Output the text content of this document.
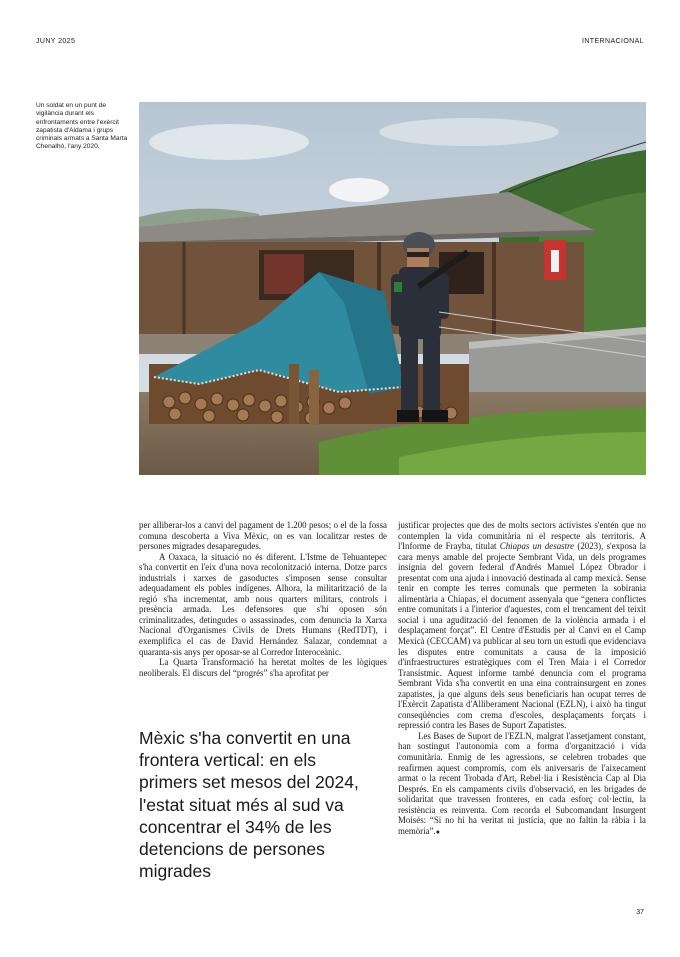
JUNY 2025	INTERNACIONAL
Un soldat en un punt de vigilància durant els enfrontaments entre l'exèrcit zapatista d'Aldama i grups criminals armats a Santa Marta Chenalhó, l'any 2020.

per alliberar-los a canvi del pagament de 1.200 pesos; o el de la fossa comuna descoberta a Viva Mèxic, on es van localitzar restes de persones migrades desaparegudes.

A Oaxaca, la situació no és diferent. L'Istme de Tehuantepec s'ha convertit en l'eix d'una nova recolonització interna. Dotze parcs industrials i xarxes de gasoductes s'imposen sense consultar adequadament els pobles indígenes. Alhora, la militarització de la regió s'ha incrementat, amb nous quarters militars, controls i presència armada. Les defensores que s'hi oposen són criminalitzades, detingudes o assassinades, com denuncia la Xarxa Nacional d'Organismes Civils de Drets Humans (RedTDT), i exemplifica el cas de David Hernández Salazar, condemnat a quaranta-sis anys per oposar-se al Corredor Interoceànic.

La Quarta Transformació ha heretat moltes de les lògiques neoliberals. El discurs del “progrés” s'ha aprofitat per

justificar projectes que des de molts sectors activistes s'entén que no contemplen la vida comunitària ni el respecte als territoris. A l'Informe de Frayba, titulat Chiapas un desastre (2023), s'exposa la cara menys amable del projecte Sembrant Vida, un dels programes insígnia del govern federal d'Andrés Manuel López Obrador i presentat com una ajuda i innovació destinada al camp mexicà. Sense tenir en compte les terres comunals que permeten la sobirania alimentària a Chiapas, el document assenyala que “genera conflictes entre comunitats i a l'interior d'aquestes, com el trencament del teixit social i una agudització del fenomen de la violència armada i el desplaçament forçat”. El Centre d'Estudis per al Canvi en el Camp Mexicà (CECCAM) va publicar al seu torn un estudi que evidenciava les disputes entre comunitats a causa de la imposició d'infraestructures estratègiques com el Tren Maia i el Corredor Transístmic. Aquest informe també denuncia com el programa Sembrant Vida s'ha convertit en una eina contrainsurgent en zones zapatistes, ja que alguns dels seus beneficiaris han ocupat terres de l'Exèrcit Zapatista d'Alliberament Nacional (EZLN), i això ha tingut conseqüències com crema d'escoles, desplaçaments forçats i repressió contra les Bases de Suport Zapatistes.

Les Bases de Suport de l'EZLN, malgrat l'assetjament constant, han sostingut l'autonomia com a forma d'organització i vida comunitària. Enmig de les agressions, se celebren trobades que reafirmen aquest compromís, com els aniversaris de l'aixecament armat o la recent Trobada d'Art, Rebel·lia i Resistència Cap al Dia Després. En els campaments civils d'observació, en les brigades de solidaritat que travessen fronteres, en cada esforç col·lectiu, la resistència es reinventa. Com recorda el Subcomandant Insurgent Moisés: “Si no hi ha veritat ni justícia, que no faltin la ràbia i la memòria”.●

Mèxic s'ha convertit en una frontera vertical: en els primers set mesos del 2024, l'estat situat més al sud va concentrar el 34% de les detencions de persones migrades
37
